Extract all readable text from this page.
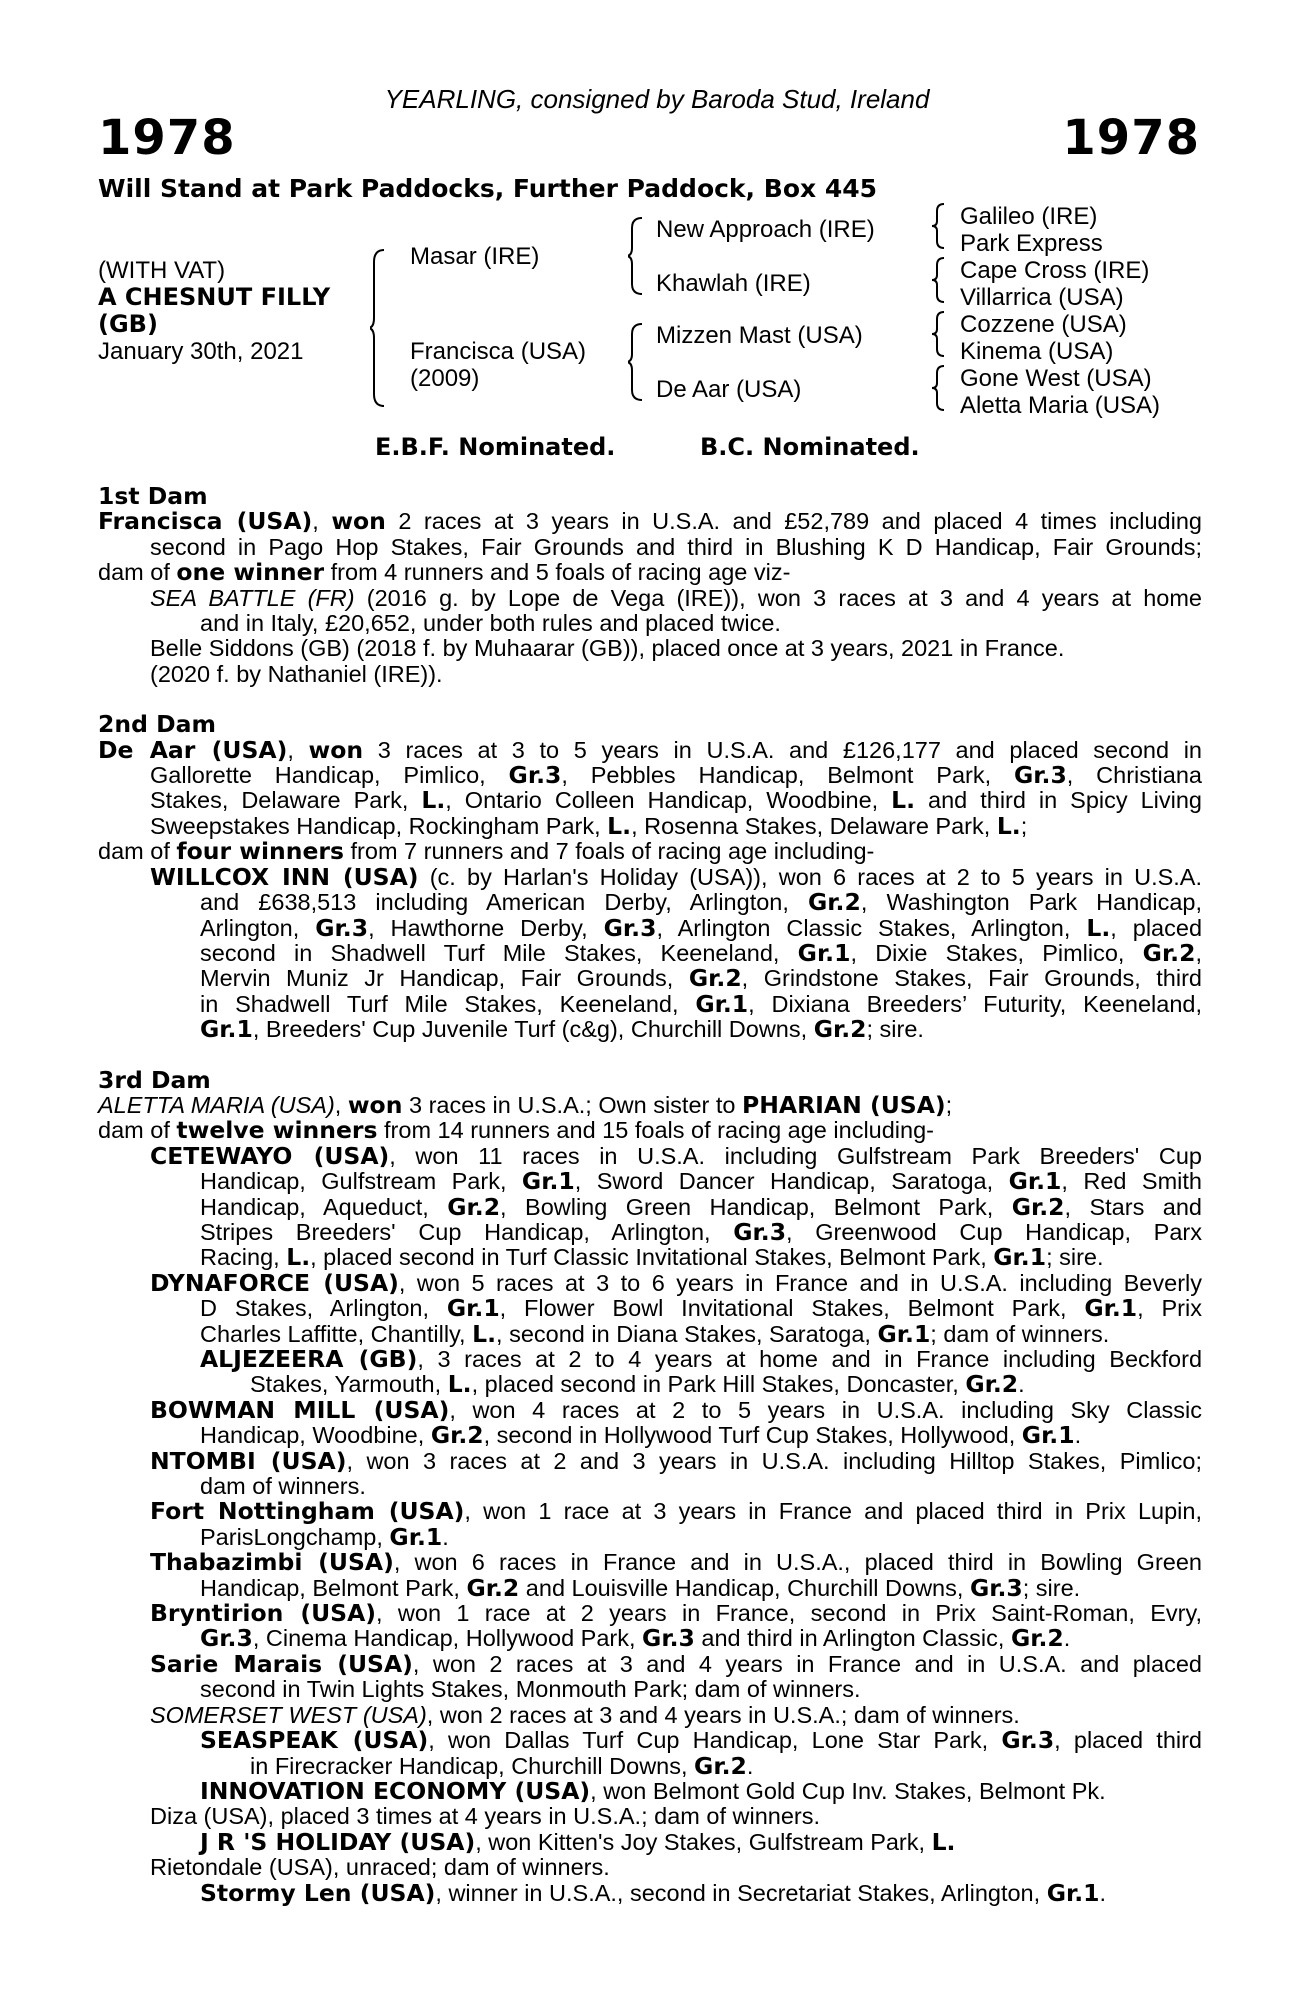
YEARLING, consigned by Baroda Stud, Ireland
1978	1978
Will Stand at Park Paddocks, Further Paddock, Box 445
(WITH VAT)
A CHESNUT FILLY
(GB)
January 30th, 2021
Masar (IRE)
Francisca (USA)
(2009)
New Approach (IRE)
Khawlah (IRE)
Mizzen Mast (USA)
De Aar (USA)
Galileo (IRE)
Park Express
Cape Cross (IRE)
Villarrica (USA)
Cozzene (USA)
Kinema (USA)
Gone West (USA)
Aletta Maria (USA)
E.B.F. Nominated.	B.C. Nominated.
1st Dam
Francisca (USA), won 2 races at 3 years in U.S.A. and £52,789 and placed 4 times including
second in Pago Hop Stakes, Fair Grounds and third in Blushing K D Handicap, Fair Grounds;
dam of one winner from 4 runners and 5 foals of racing age viz-
SEA BATTLE (FR) (2016 g. by Lope de Vega (IRE)), won 3 races at 3 and 4 years at home
and in Italy, £20,652, under both rules and placed twice.
Belle Siddons (GB) (2018 f. by Muhaarar (GB)), placed once at 3 years, 2021 in France.
(2020 f. by Nathaniel (IRE)).
2nd Dam
De Aar (USA), won 3 races at 3 to 5 years in U.S.A. and £126,177 and placed second in
Gallorette Handicap, Pimlico, Gr.3, Pebbles Handicap, Belmont Park, Gr.3, Christiana
Stakes, Delaware Park, L., Ontario Colleen Handicap, Woodbine, L. and third in Spicy Living
Sweepstakes Handicap, Rockingham Park, L., Rosenna Stakes, Delaware Park, L.;
dam of four winners from 7 runners and 7 foals of racing age including-
WILLCOX INN (USA) (c. by Harlan's Holiday (USA)), won 6 races at 2 to 5 years in U.S.A.
and £638,513 including American Derby, Arlington, Gr.2, Washington Park Handicap,
Arlington, Gr.3, Hawthorne Derby, Gr.3, Arlington Classic Stakes, Arlington, L., placed
second in Shadwell Turf Mile Stakes, Keeneland, Gr.1, Dixie Stakes, Pimlico, Gr.2,
Mervin Muniz Jr Handicap, Fair Grounds, Gr.2, Grindstone Stakes, Fair Grounds, third
in Shadwell Turf Mile Stakes, Keeneland, Gr.1, Dixiana Breeders’ Futurity, Keeneland,
Gr.1, Breeders' Cup Juvenile Turf (c&g), Churchill Downs, Gr.2; sire.
3rd Dam
ALETTA MARIA (USA), won 3 races in U.S.A.; Own sister to PHARIAN (USA);
dam of twelve winners from 14 runners and 15 foals of racing age including-
CETEWAYO (USA), won 11 races in U.S.A. including Gulfstream Park Breeders' Cup
Handicap, Gulfstream Park, Gr.1, Sword Dancer Handicap, Saratoga, Gr.1, Red Smith
Handicap, Aqueduct, Gr.2, Bowling Green Handicap, Belmont Park, Gr.2, Stars and
Stripes Breeders' Cup Handicap, Arlington, Gr.3, Greenwood Cup Handicap, Parx
Racing, L., placed second in Turf Classic Invitational Stakes, Belmont Park, Gr.1; sire.
DYNAFORCE (USA), won 5 races at 3 to 6 years in France and in U.S.A. including Beverly
D Stakes, Arlington, Gr.1, Flower Bowl Invitational Stakes, Belmont Park, Gr.1, Prix
Charles Laffitte, Chantilly, L., second in Diana Stakes, Saratoga, Gr.1; dam of winners.
ALJEZEERA (GB), 3 races at 2 to 4 years at home and in France including Beckford
Stakes, Yarmouth, L., placed second in Park Hill Stakes, Doncaster, Gr.2.
BOWMAN MILL (USA), won 4 races at 2 to 5 years in U.S.A. including Sky Classic
Handicap, Woodbine, Gr.2, second in Hollywood Turf Cup Stakes, Hollywood, Gr.1.
NTOMBI (USA), won 3 races at 2 and 3 years in U.S.A. including Hilltop Stakes, Pimlico;
dam of winners.
Fort Nottingham (USA), won 1 race at 3 years in France and placed third in Prix Lupin,
ParisLongchamp, Gr.1.
Thabazimbi (USA), won 6 races in France and in U.S.A., placed third in Bowling Green
Handicap, Belmont Park, Gr.2 and Louisville Handicap, Churchill Downs, Gr.3; sire.
Bryntirion (USA), won 1 race at 2 years in France, second in Prix Saint-Roman, Evry,
Gr.3, Cinema Handicap, Hollywood Park, Gr.3 and third in Arlington Classic, Gr.2.
Sarie Marais (USA), won 2 races at 3 and 4 years in France and in U.S.A. and placed
second in Twin Lights Stakes, Monmouth Park; dam of winners.
SOMERSET WEST (USA), won 2 races at 3 and 4 years in U.S.A.; dam of winners.
SEASPEAK (USA), won Dallas Turf Cup Handicap, Lone Star Park, Gr.3, placed third
in Firecracker Handicap, Churchill Downs, Gr.2.
INNOVATION ECONOMY (USA), won Belmont Gold Cup Inv. Stakes, Belmont Pk.
Diza (USA), placed 3 times at 4 years in U.S.A.; dam of winners.
J R 'S HOLIDAY (USA), won Kitten's Joy Stakes, Gulfstream Park, L.
Rietondale (USA), unraced; dam of winners.
Stormy Len (USA), winner in U.S.A., second in Secretariat Stakes, Arlington, Gr.1.
